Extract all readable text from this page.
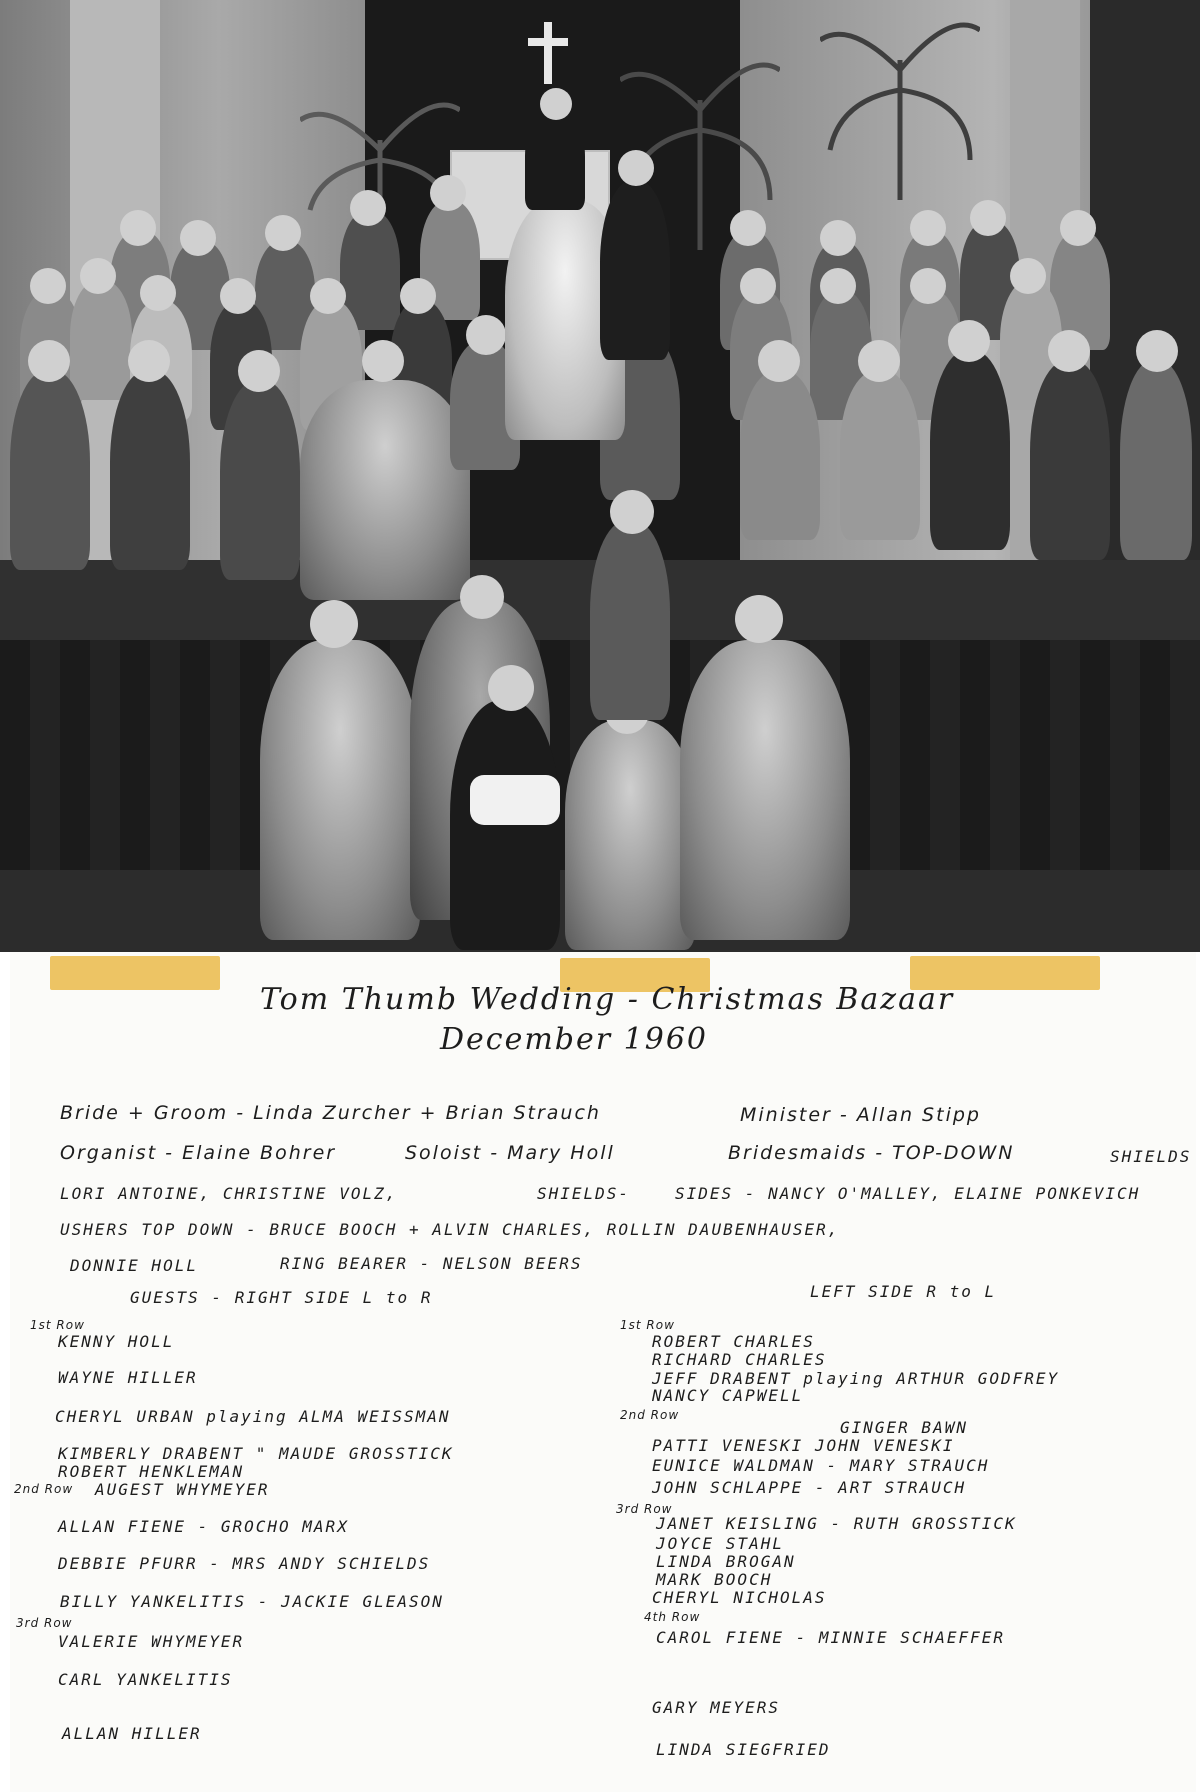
Tom Thumb Wedding - Christmas Bazaar
December 1960
Bride + Groom - Linda Zurcher + Brian Strauch	Minister - Allan Stipp
Organist - Elaine Bohrer	Soloist - Mary Holl	Bridesmaids - TOP-DOWN	SHIELDS
LORI ANTOINE, CHRISTINE VOLZ,	SHIELDS-	SIDES - NANCY O'MALLEY, ELAINE PONKEVICH
USHERS TOP DOWN - BRUCE BOOCH + ALVIN CHARLES, ROLLIN DAUBENHAUSER,
DONNIE HOLL	RING BEARER - NELSON BEERS
GUESTS - RIGHT SIDE L to R
1st Row
KENNY HOLL
WAYNE HILLER
CHERYL URBAN playing ALMA WEISSMAN
KIMBERLY DRABENT " MAUDE GROSSTICK
ROBERT HENKLEMAN
2nd Row AUGEST WHYMEYER
ALLAN FIENE - GROCHO MARX
DEBBIE PFURR - MRS ANDY SCHIELDS
BILLY YANKELITIS - JACKIE GLEASON
3rd Row
VALERIE WHYMEYER
CARL YANKELITIS
ALLAN HILLER
LEFT SIDE R to L
1st Row
ROBERT CHARLES
RICHARD CHARLES
JEFF DRABENT playing ARTHUR GODFREY
NANCY CAPWELL
2nd Row
GINGER BAWN
PATTI VENESKI JOHN VENESKI
EUNICE WALDMAN - MARY STRAUCH
JOHN SCHLAPPE - ART STRAUCH
3rd Row
JANET KEISLING - RUTH GROSSTICK
JOYCE STAHL
LINDA BROGAN
MARK BOOCH
CHERYL NICHOLAS
4th Row
CAROL FIENE - MINNIE SCHAEFFER
GARY MEYERS
LINDA SIEGFRIED
